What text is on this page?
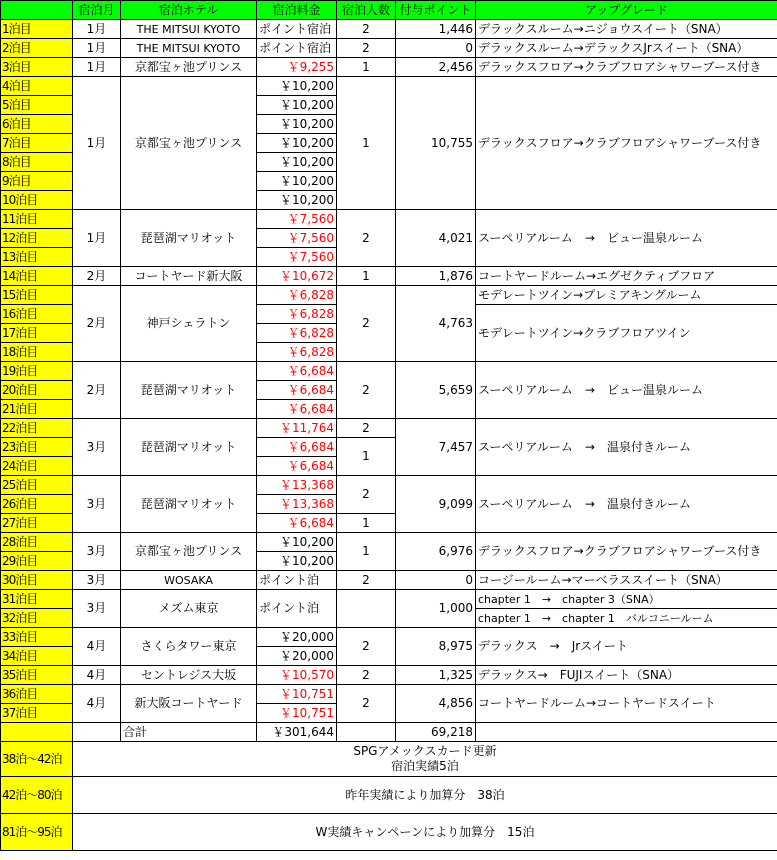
	宿泊月	宿泊ホテル	宿泊料金	宿泊人数	付与ポイント	アップグレード
1泊目	1月	THE MITSUI KYOTO	ポイント宿泊	2	1,446	デラックスルーム→ニジョウスイート（SNA）
2泊目	1月	THE MITSUI KYOTO	ポイント宿泊	2	0	デラックスルーム→デラックスJrスイート（SNA）
3泊目	1月	京都宝ヶ池プリンス	￥9,255	1	2,456	デラックスフロア→クラブフロアシャワーブース付き
4泊目	1月	京都宝ヶ池プリンス	￥10,200	1	10,755	デラックスフロア→クラブフロアシャワーブース付き
5泊目			￥10,200			
6泊目			￥10,200			
7泊目			￥10,200			
8泊目			￥10,200			
9泊目			￥10,200			
10泊目			￥10,200			
11泊目	1月	琵琶湖マリオット	￥7,560	2	4,021	スーペリアルーム　→　ビュー温泉ルーム
12泊目			￥7,560			
13泊目			￥7,560			
14泊目	2月	コートヤード新大阪	￥10,672	1	1,876	コートヤードルーム→エグゼクティブフロア
15泊目	2月	神戸シェラトン	￥6,828	2	4,763	モデレートツイン→プレミアキングルーム
16泊目			￥6,828			モデレートツイン→クラブフロアツイン
17泊目			￥6,828			
18泊目			￥6,828			
19泊目	2月	琵琶湖マリオット	￥6,684	2	5,659	スーペリアルーム　→　ビュー温泉ルーム
20泊目			￥6,684			
21泊目			￥6,684			
22泊目	3月	琵琶湖マリオット	￥11,764	2	7,457	スーペリアルーム　→　温泉付きルーム
23泊目			￥6,684	1		
24泊目			￥6,684			
25泊目	3月	琵琶湖マリオット	￥13,368	2	9,099	スーペリアルーム　→　温泉付きルーム
26泊目			￥13,368			
27泊目			￥6,684	1		
28泊目	3月	京都宝ヶ池プリンス	￥10,200	1	6,976	デラックスフロア→クラブフロアシャワーブース付き
29泊目			￥10,200			
30泊目	3月	WOSAKA	ポイント泊	2	0	コージールーム→マーベラススイート（SNA）
31泊目	3月	メズム東京	ポイント泊		1,000	chapter 1　→　chapter 3（SNA）
32泊目						chapter 1　→　chapter 1　バルコニールーム
33泊目	4月	さくらタワー東京	￥20,000	2	8,975	デラックス　→　Jrスイート
34泊目			￥20,000			
35泊目	4月	セントレジス大坂	￥10,570	2	1,325	デラックス→　FUJIスイート（SNA）
36泊目	4月	新大阪コートヤード	￥10,751	2	4,856	コートヤードルーム→コートヤードスイート
37泊目			￥10,751			
		合計	￥301,644		69,218	
38泊〜42泊	SPGアメックスカード更新
宿泊実績5泊					
42泊〜80泊	昨年実績により加算分　38泊					
81泊〜95泊	W実績キャンペーンにより加算分　15泊					
